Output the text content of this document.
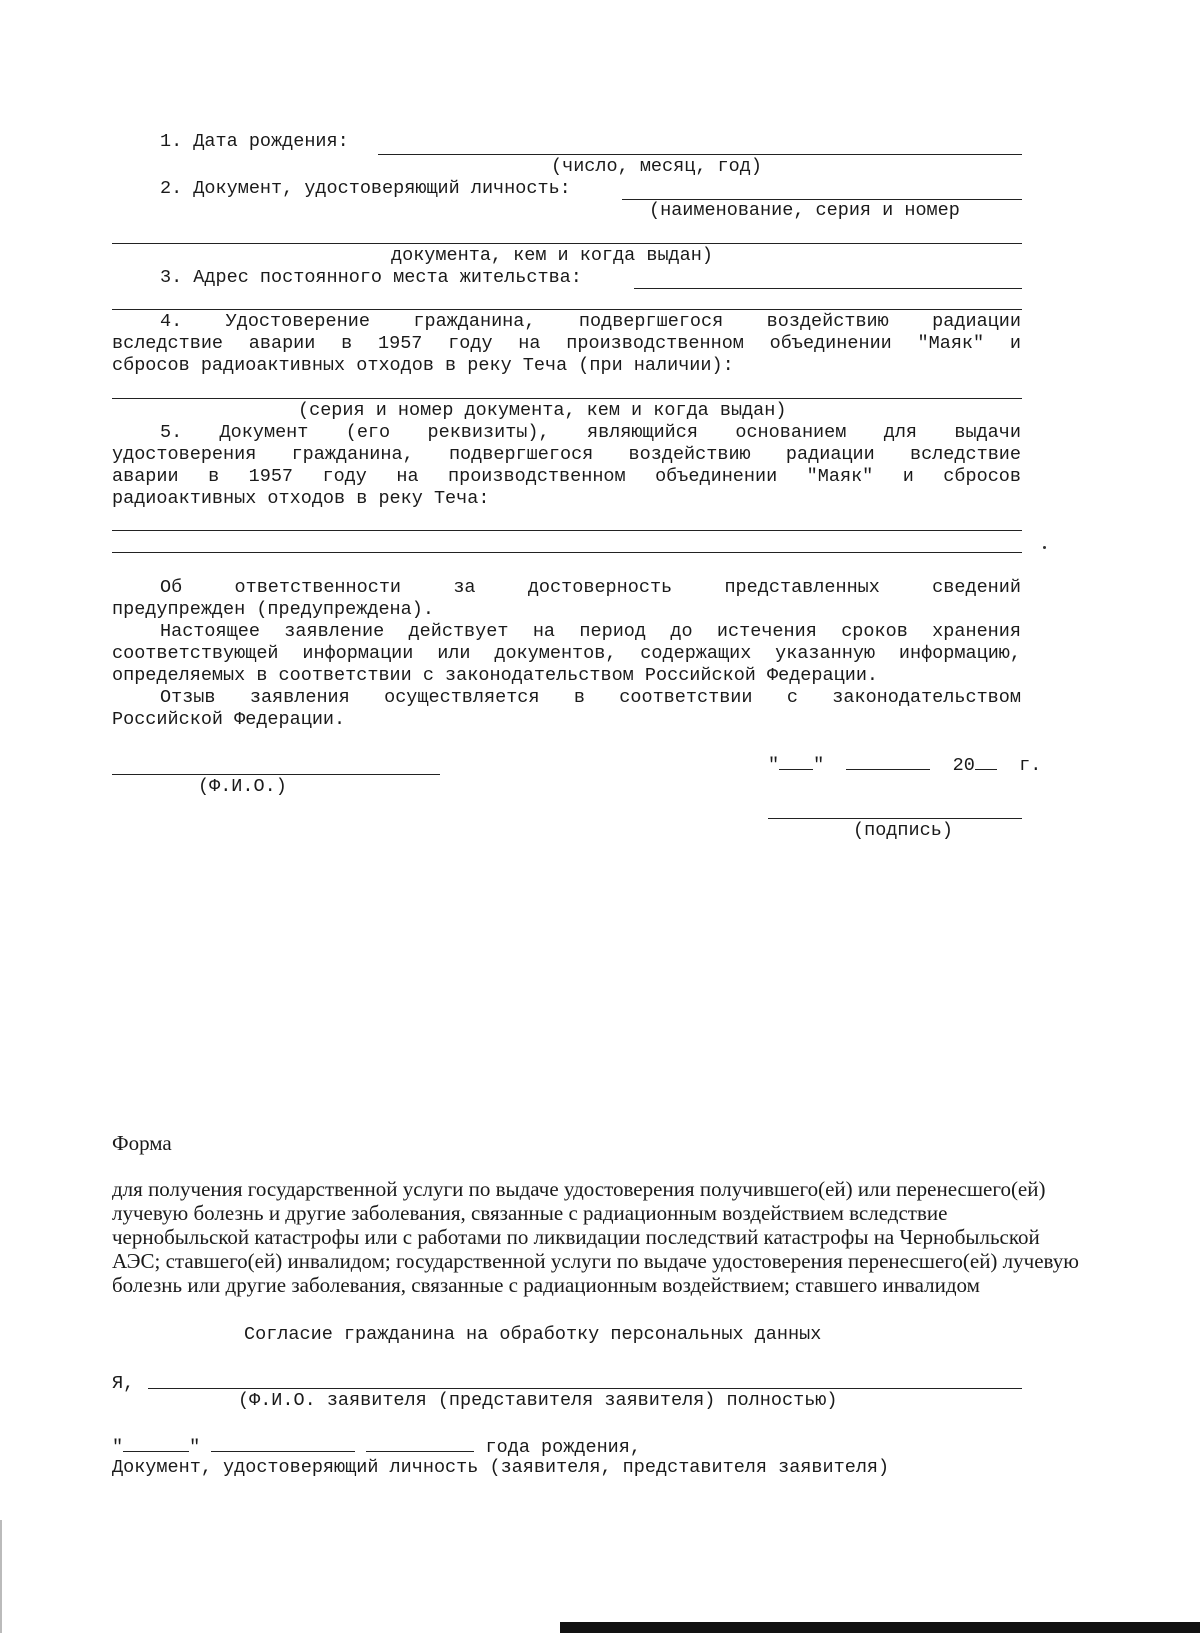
1. Дата рождения:
(число, месяц, год)
2. Документ, удостоверяющий личность:
(наименование, серия и номер
документа, кем и когда выдан)
3. Адрес постоянного места жительства:
4. Удостоверение гражданина, подвергшегося воздействию радиации
вследствие аварии в 1957 году на производственном объединении "Маяк" и
сбросов радиоактивных отходов в реку Теча (при наличии):
(серия и номер документа, кем и когда выдан)
5. Документ (его реквизиты), являющийся основанием для выдачи
удостоверения гражданина, подвергшегося воздействию радиации вследствие
аварии в 1957 году на производственном объединении "Маяк" и сбросов
радиоактивных отходов в реку Теча:
Об ответственности за достоверность представленных сведений
предупрежден (предупреждена).
Настоящее заявление действует на период до истечения сроков хранения
соответствующей информации или документов, содержащих указанную информацию,
определяемых в соответствии с законодательством Российской Федерации.
Отзыв заявления осуществляется в соответствии с законодательством
Российской Федерации.
(Ф.И.О.)
" "	20 г.
(подпись)
Форма
для получения государственной услуги по выдаче удостоверения получившего(ей) или перенесшего(ей)
лучевую болезнь и другие заболевания, связанные с радиационным воздействием вследствие
чернобыльской катастрофы или с работами по ликвидации последствий катастрофы на Чернобыльской
АЭС; ставшего(ей) инвалидом; государственной услуги по выдаче удостоверения перенесшего(ей) лучевую
болезнь или другие заболевания, связанные с радиационным воздействием; ставшего инвалидом
Согласие гражданина на обработку персональных данных
Я,
(Ф.И.О. заявителя (представителя заявителя) полностью)
"	"	года рождения,
Документ, удостоверяющий личность (заявителя, представителя заявителя)
